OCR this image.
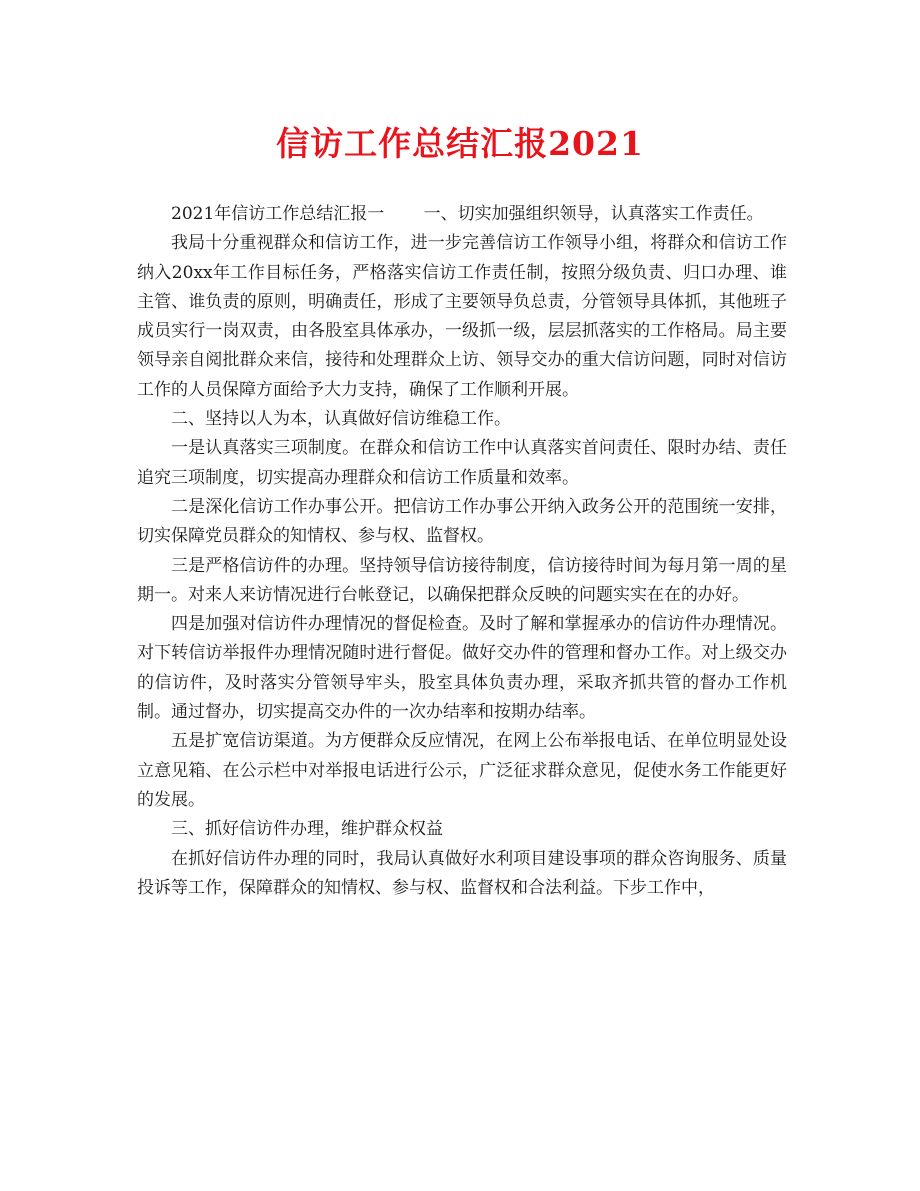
信访工作总结汇报2021

2021年信访工作总结汇报一　　 一、切实加强组织领导，认真落实工作责任。

我局十分重视群众和信访工作，进一步完善信访工作领导小组，将群众和信访工作纳入20xx年工作目标任务，严格落实信访工作责任制，按照分级负责、归口办理、谁主管、谁负责的原则，明确责任，形成了主要领导负总责，分管领导具体抓，其他班子成员实行一岗双责，由各股室具体承办，一级抓一级，层层抓落实的工作格局。局主要领导亲自阅批群众来信，接待和处理群众上访、领导交办的重大信访问题，同时对信访工作的人员保障方面给予大力支持，确保了工作顺利开展。

二、坚持以人为本，认真做好信访维稳工作。

一是认真落实三项制度。在群众和信访工作中认真落实首问责任、限时办结、责任追究三项制度，切实提高办理群众和信访工作质量和效率。

二是深化信访工作办事公开。把信访工作办事公开纳入政务公开的范围统一安排，切实保障党员群众的知情权、参与权、监督权。

三是严格信访件的办理。坚持领导信访接待制度，信访接待时间为每月第一周的星期一。对来人来访情况进行台帐登记，以确保把群众反映的问题实实在在的办好。

四是加强对信访件办理情况的督促检查。及时了解和掌握承办的信访件办理情况。对下转信访举报件办理情况随时进行督促。做好交办件的管理和督办工作。对上级交办的信访件，及时落实分管领导牢头，股室具体负责办理，采取齐抓共管的督办工作机制。通过督办，切实提高交办件的一次办结率和按期办结率。

五是扩宽信访渠道。为方便群众反应情况，在网上公布举报电话、在单位明显处设立意见箱、在公示栏中对举报电话进行公示，广泛征求群众意见，促使水务工作能更好的发展。

三、抓好信访件办理，维护群众权益

在抓好信访件办理的同时，我局认真做好水利项目建设事项的群众咨询服务、质量投诉等工作，保障群众的知情权、参与权、监督权和合法利益。下步工作中，
